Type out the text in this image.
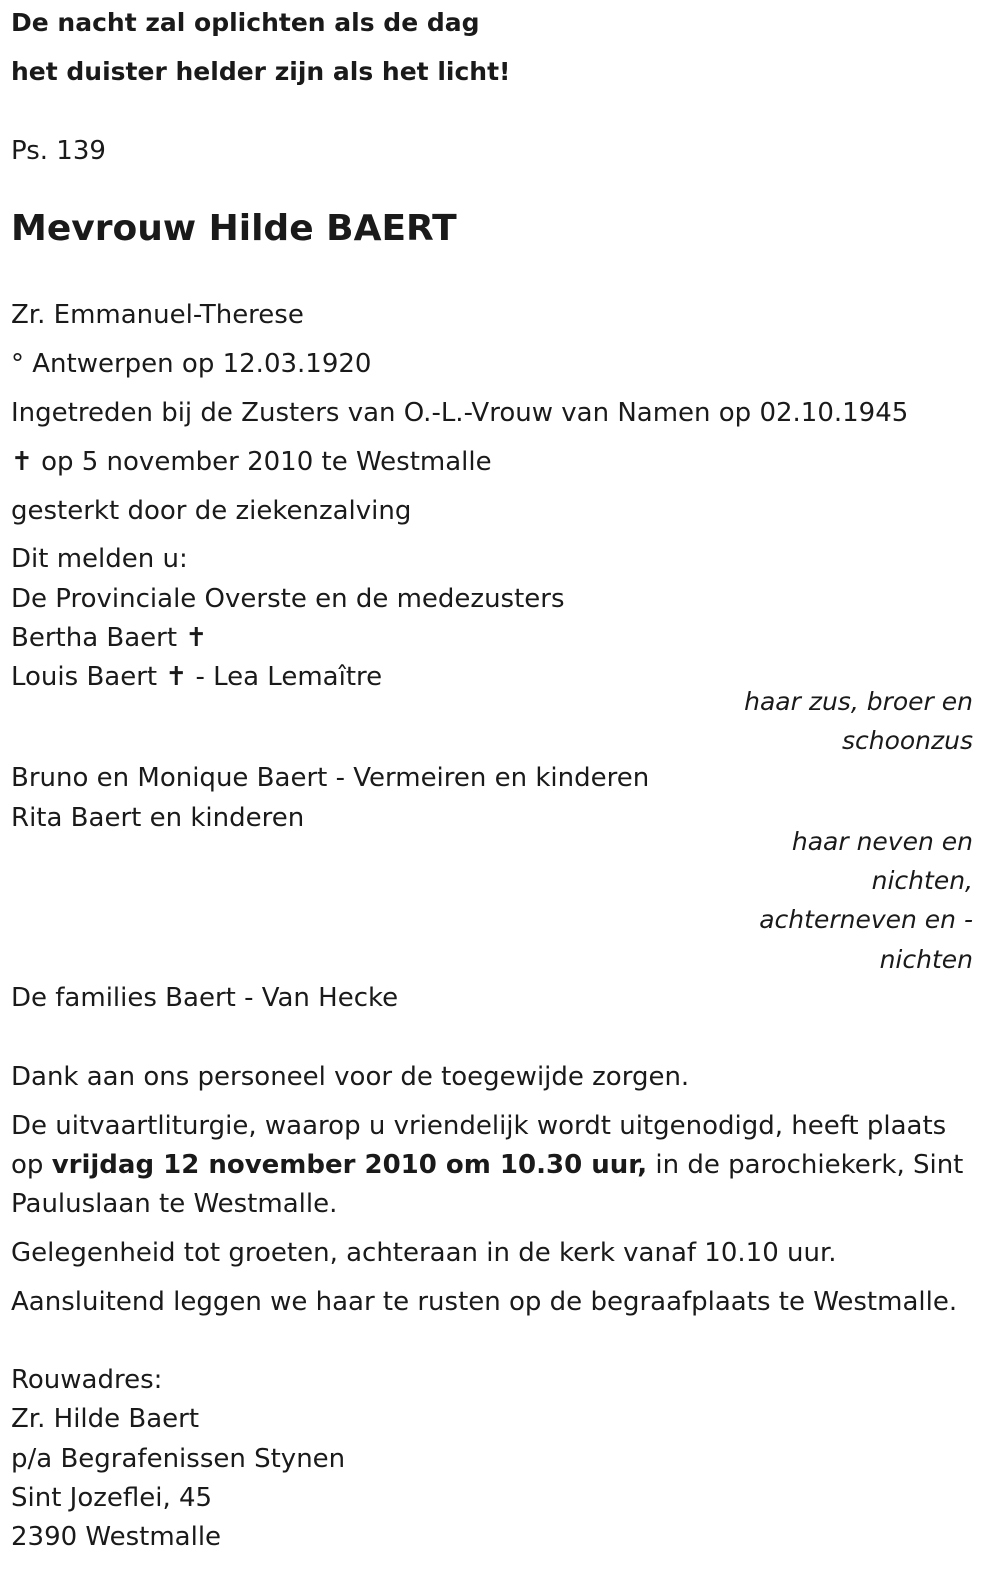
De nacht zal oplichten als de dag
het duister helder zijn als het licht!
Ps. 139
Mevrouw Hilde BAERT
Zr. Emmanuel-Therese
° Antwerpen op 12.03.1920
Ingetreden bij de Zusters van O.-L.-Vrouw van Namen op 02.10.1945
✝ op 5 november 2010 te Westmalle
gesterkt door de ziekenzalving
Dit melden u:
De Provinciale Overste en de medezusters
Bertha Baert ✝
Louis Baert ✝ - Lea Lemaître
haar zus, broer en
schoonzus
Bruno en Monique Baert - Vermeiren en kinderen
Rita Baert en kinderen
haar neven en
nichten,
achterneven en -
nichten
De families Baert - Van Hecke
Dank aan ons personeel voor de toegewijde zorgen.
De uitvaartliturgie, waarop u vriendelijk wordt uitgenodigd, heeft plaats
op vrijdag 12 november 2010 om 10.30 uur, in de parochiekerk, Sint
Pauluslaan te Westmalle.
Gelegenheid tot groeten, achteraan in de kerk vanaf 10.10 uur.
Aansluitend leggen we haar te rusten op de begraafplaats te Westmalle.
Rouwadres:
Zr. Hilde Baert
p/a Begrafenissen Stynen
Sint Jozeflei, 45
2390 Westmalle
